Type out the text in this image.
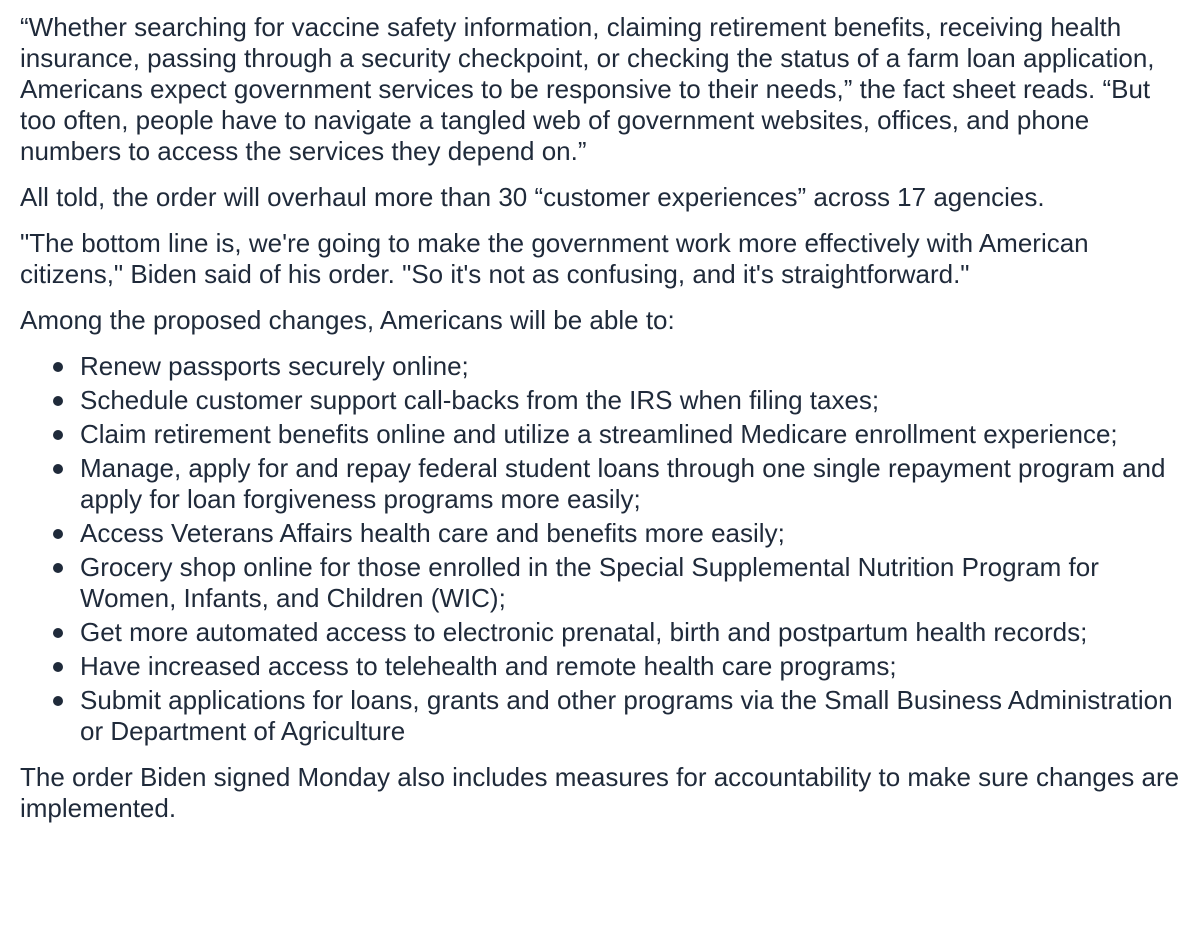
“Whether searching for vaccine safety information, claiming retirement benefits, receiving health insurance, passing through a security checkpoint, or checking the status of a farm loan application, Americans expect government services to be responsive to their needs,” the fact sheet reads. “But too often, people have to navigate a tangled web of government websites, offices, and phone numbers to access the services they depend on.”

All told, the order will overhaul more than 30 “customer experiences” across 17 agencies.

"The bottom line is, we're going to make the government work more effectively with American citizens," Biden said of his order. "So it's not as confusing, and it's straightforward."

Among the proposed changes, Americans will be able to:

Renew passports securely online;
Schedule customer support call-backs from the IRS when filing taxes;
Claim retirement benefits online and utilize a streamlined Medicare enrollment experience;
Manage, apply for and repay federal student loans through one single repayment program and apply for loan forgiveness programs more easily;
Access Veterans Affairs health care and benefits more easily;
Grocery shop online for those enrolled in the Special Supplemental Nutrition Program for Women, Infants, and Children (WIC);
Get more automated access to electronic prenatal, birth and postpartum health records;
Have increased access to telehealth and remote health care programs;
Submit applications for loans, grants and other programs via the Small Business Administration or Department of Agriculture

The order Biden signed Monday also includes measures for accountability to make sure changes are implemented.
